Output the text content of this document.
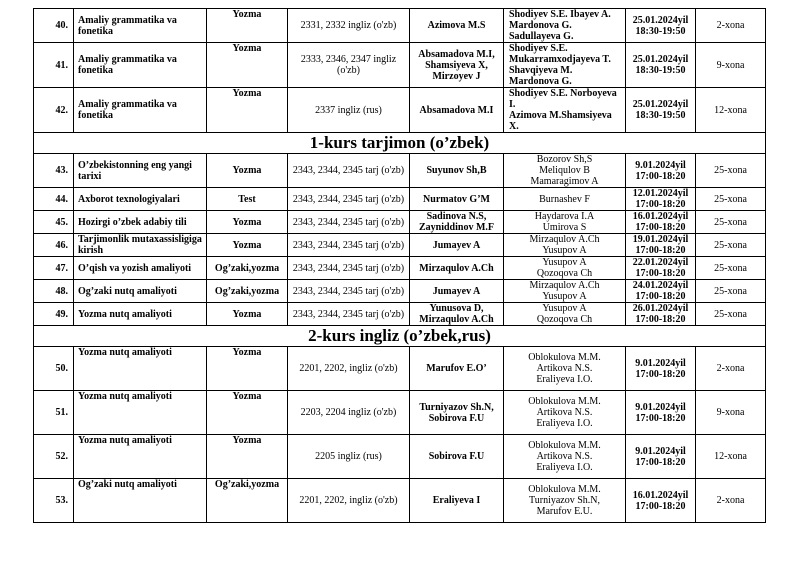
40.	Amaliy grammatika va fonetika	Yozma	2331, 2332 ingliz (o'zb)	Azimova M.S	Shodiyev S.E. Ibayev A.
Mardonova G. Sadullayeva G.	25.01.2024yil
18:30-19:50	2-xona
41.	Amaliy grammatika va fonetika	Yozma	2333, 2346, 2347 ingliz (o'zb)	Absamadova M.I, Shamsiyeva X, Mirzoyev J	Shodiyev S.E.
Mukarramxodjayeva T.
Shavqiyeva M. Mardonova G.	25.01.2024yil
18:30-19:50	9-xona
42.	Amaliy grammatika va fonetika	Yozma	2337 ingliz (rus)	Absamadova M.I	Shodiyev S.E. Norboyeva I.
Azimova M.Shamsiyeva X.	25.01.2024yil
18:30-19:50	12-xona
1-kurs tarjimon (o’zbek)							
43.	O’zbekistonning eng yangi tarixi	Yozma	2343, 2344, 2345 tarj (o'zb)	Suyunov Sh,B	Bozorov Sh,S
Meliqulov B
Mamaragimov A	9.01.2024yil
17:00-18:20	25-xona
44.	Axborot texnologiyalari	Test	2343, 2344, 2345 tarj (o'zb)	Nurmatov G’M	Burnashev F	12.01.2024yil
17:00-18:20	25-xona
45.	Hozirgi o’zbek adabiy tili	Yozma	2343, 2344, 2345 tarj (o'zb)	Sadinova N.S, Zayniddinov M.F	Haydarova I.A
Umirova S	16.01.2024yil
17:00-18:20	25-xona
46.	Tarjimonlik mutaxassisligiga kirish	Yozma	2343, 2344, 2345 tarj (o'zb)	Jumayev A	Mirzaqulov A.Ch
Yusupov A	19.01.2024yil
17:00-18:20	25-xona
47.	O’qish va yozish amaliyoti	Og’zaki,yozma	2343, 2344, 2345 tarj (o'zb)	Mirzaqulov A.Ch	Yusupov A
Qozoqova Ch	22.01.2024yil
17:00-18:20	25-xona
48.	Og’zaki nutq amaliyoti	Og’zaki,yozma	2343, 2344, 2345 tarj (o'zb)	Jumayev A	Mirzaqulov A.Ch
Yusupov A	24.01.2024yil
17:00-18:20	25-xona
49.	Yozma nutq amaliyoti	Yozma	2343, 2344, 2345 tarj (o'zb)	Yunusova D, Mirzaqulov A.Ch	Yusupov A
Qozoqova Ch	26.01.2024yil
17:00-18:20	25-xona
2-kurs ingliz (o’zbek,rus)							
50.	Yozma nutq amaliyoti	Yozma	2201, 2202, ingliz (o'zb)	Marufov E.O’	Oblokulova M.M.
Artikova N.S.
Eraliyeva I.O.	9.01.2024yil
17:00-18:20	2-xona
51.	Yozma nutq amaliyoti	Yozma	2203, 2204 ingliz (o'zb)	Turniyazov Sh.N, Sobirova F.U	Oblokulova M.M.
Artikova N.S.
Eraliyeva I.O.	9.01.2024yil
17:00-18:20	9-xona
52.	Yozma nutq amaliyoti	Yozma	2205 ingliz (rus)	Sobirova F.U	Oblokulova M.M.
Artikova N.S.
Eraliyeva I.O.	9.01.2024yil
17:00-18:20	12-xona
53.	Og’zaki nutq amaliyoti	Og’zaki,yozma	2201, 2202, ingliz (o'zb)	Eraliyeva I	Oblokulova M.M.
Turniyazov Sh.N,
Marufov E.U.	16.01.2024yil
17:00-18:20	2-xona
